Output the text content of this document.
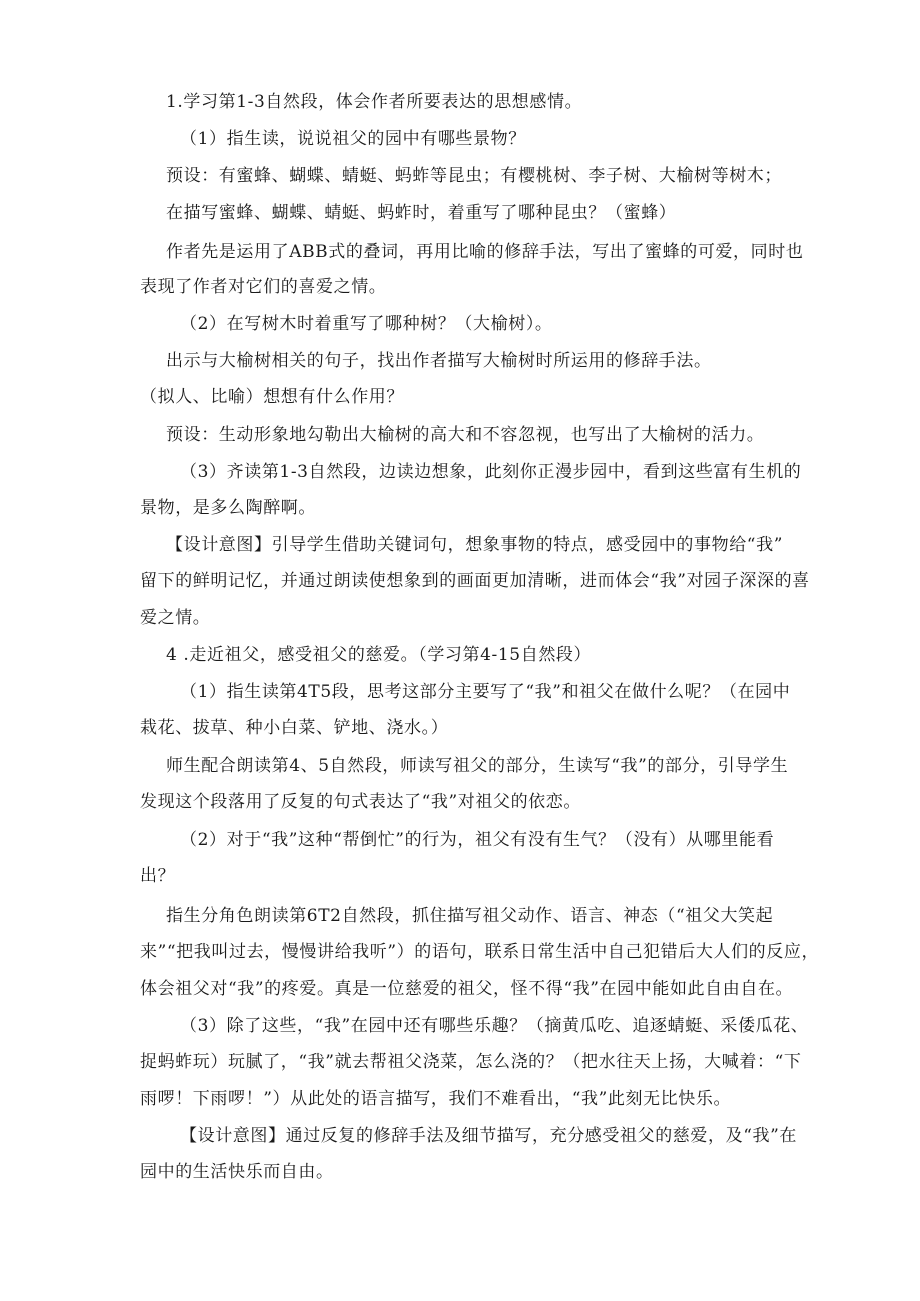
1.学习第1-3自然段，体会作者所要表达的思想感情。
（1）指生读，说说祖父的园中有哪些景物？
预设：有蜜蜂、蝴蝶、蜻蜓、蚂蚱等昆虫；有樱桃树、李子树、大榆树等树木；
在描写蜜蜂、蝴蝶、蜻蜓、蚂蚱时，着重写了哪种昆虫？（蜜蜂）
作者先是运用了ABB式的叠词，再用比喻的修辞手法，写出了蜜蜂的可爱，同时也
表现了作者对它们的喜爱之情。
（2）在写树木时着重写了哪种树？（大榆树）。
出示与大榆树相关的句子，找出作者描写大榆树时所运用的修辞手法。
（拟人、比喻）想想有什么作用？
预设：生动形象地勾勒出大榆树的高大和不容忽视，也写出了大榆树的活力。
（3）齐读第1-3自然段，边读边想象，此刻你正漫步园中，看到这些富有生机的
景物，是多么陶醉啊。
【设计意图】引导学生借助关键词句，想象事物的特点，感受园中的事物给“我”
留下的鲜明记忆，并通过朗读使想象到的画面更加清晰，进而体会“我”对园子深深的喜
爱之情。
4 .走近祖父，感受祖父的慈爱。（学习第4-15自然段）
（1）指生读第4T5段，思考这部分主要写了“我”和祖父在做什么呢？（在园中
栽花、拔草、种小白菜、铲地、浇水。）
师生配合朗读第4、5自然段，师读写祖父的部分，生读写“我”的部分，引导学生
发现这个段落用了反复的句式表达了“我”对祖父的依恋。
（2）对于“我”这种“帮倒忙”的行为，祖父有没有生气？（没有）从哪里能看
出？
指生分角色朗读第6T2自然段，抓住描写祖父动作、语言、神态（“祖父大笑起
来”“把我叫过去，慢慢讲给我听”）的语句，联系日常生活中自己犯错后大人们的反应，
体会祖父对“我”的疼爱。真是一位慈爱的祖父，怪不得“我”在园中能如此自由自在。
（3）除了这些，“我”在园中还有哪些乐趣？（摘黄瓜吃、追逐蜻蜓、采倭瓜花、
捉蚂蚱玩）玩腻了，“我”就去帮祖父浇菜，怎么浇的？（把水往天上扬，大喊着：“下
雨啰！下雨啰！”）从此处的语言描写，我们不难看出，“我”此刻无比快乐。
【设计意图】通过反复的修辞手法及细节描写，充分感受祖父的慈爱，及“我”在
园中的生活快乐而自由。
